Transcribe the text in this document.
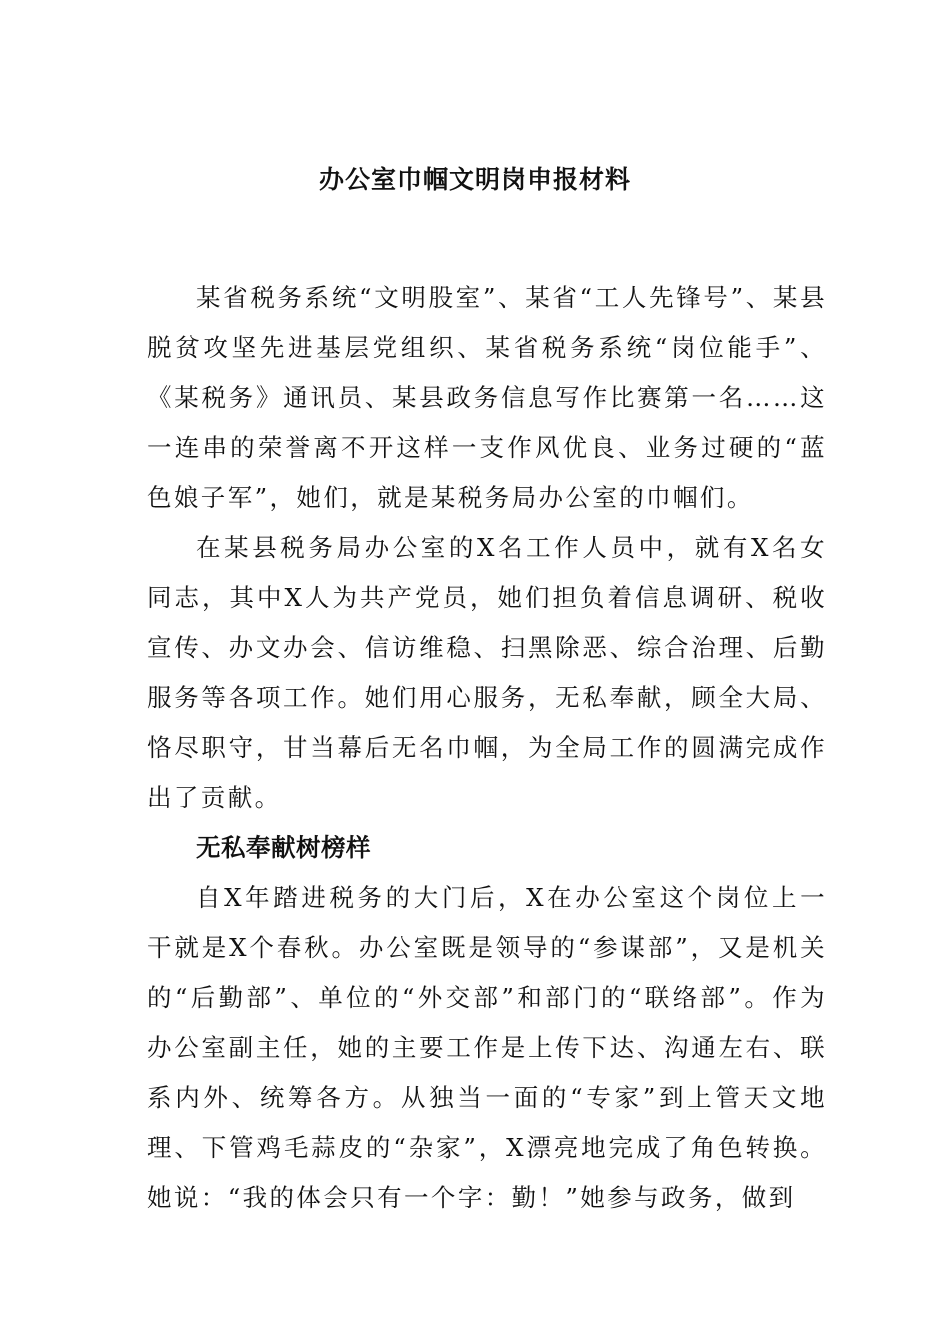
办公室巾帼文明岗申报材料

某省税务系统“文明股室”、某省“工人先锋号”、某县脱贫攻坚先进基层党组织、某省税务系统“岗位能手”、《某税务》通讯员、某县政务信息写作比赛第一名……这一连串的荣誉离不开这样一支作风优良、业务过硬的“蓝色娘子军”，她们，就是某税务局办公室的巾帼们。

在某县税务局办公室的X名工作人员中，就有X名女同志，其中X人为共产党员，她们担负着信息调研、税收宣传、办文办会、信访维稳、扫黑除恶、综合治理、后勤服务等各项工作。她们用心服务，无私奉献，顾全大局、恪尽职守，甘当幕后无名巾帼，为全局工作的圆满完成作出了贡献。

无私奉献树榜样

自X年踏进税务的大门后，X在办公室这个岗位上一干就是X个春秋。办公室既是领导的“参谋部”，又是机关的“后勤部”、单位的“外交部”和部门的“联络部”。作为办公室副主任，她的主要工作是上传下达、沟通左右、联系内外、统筹各方。从独当一面的“专家”到上管天文地理、下管鸡毛蒜皮的“杂家”，X漂亮地完成了角色转换。她说：“我的体会只有一个字：勤！”她参与政务，做到
